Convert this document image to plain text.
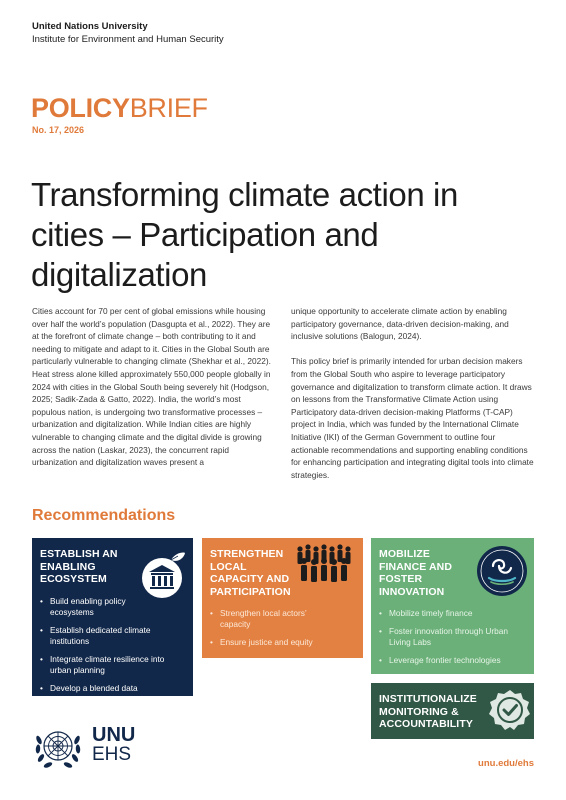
United Nations University
Institute for Environment and Human Security
POLICYBRIEF
No. 17, 2026
Transforming climate action in cities – Participation and digitalization

Cities account for 70 per cent of global emissions while housing over half the world’s population (Dasgupta et al., 2022). They are at the forefront of climate change – both contributing to it and needing to mitigate and adapt to it. Cities in the Global South are particularly vulnerable to changing climate (Shekhar et al., 2022). Heat stress alone killed approximately 550,000 people globally in 2024 with cities in the Global South being severely hit (Hodgson, 2025; Sadik-Zada & Gatto, 2022). India, the world’s most populous nation, is undergoing two transformative processes – urbanization and digitalization. While Indian cities are highly vulnerable to changing climate and the digital divide is growing across the nation (Laskar, 2023), the concurrent rapid urbanization and digitalization waves present a

unique opportunity to accelerate climate action by enabling participatory governance, data-driven decision-making, and inclusive solutions (Balogun, 2024).

This policy brief is primarily intended for urban decision makers from the Global South who aspire to leverage participatory governance and digitalization to transform climate action. It draws on lessons from the Transformative Climate Action using Participatory data-driven decision-making Platforms (T-CAP) project in India, which was funded by the International Climate Initiative (IKI) of the German Government to outline four actionable recommendations and supporting enabling conditions for enhancing participation and integrating digital tools into climate strategies.

Recommendations
ESTABLISH AN ENABLING ECOSYSTEM
• Build enabling policy ecosystems
• Establish dedicated climate institutions
• Integrate climate resilience into urban planning
• Develop a blended data ecosystem
STRENGTHEN LOCAL CAPACITY AND PARTICIPATION
• Strengthen local actors’ capacity
• Ensure justice and equity
MOBILIZE FINANCE AND FOSTER INNOVATION
• Mobilize timely finance
• Foster innovation through Urban Living Labs
• Leverage frontier technologies
INSTITUTIONALIZE MONITORING & ACCOUNTABILITY
UNU
EHS	unu.edu/ehs
